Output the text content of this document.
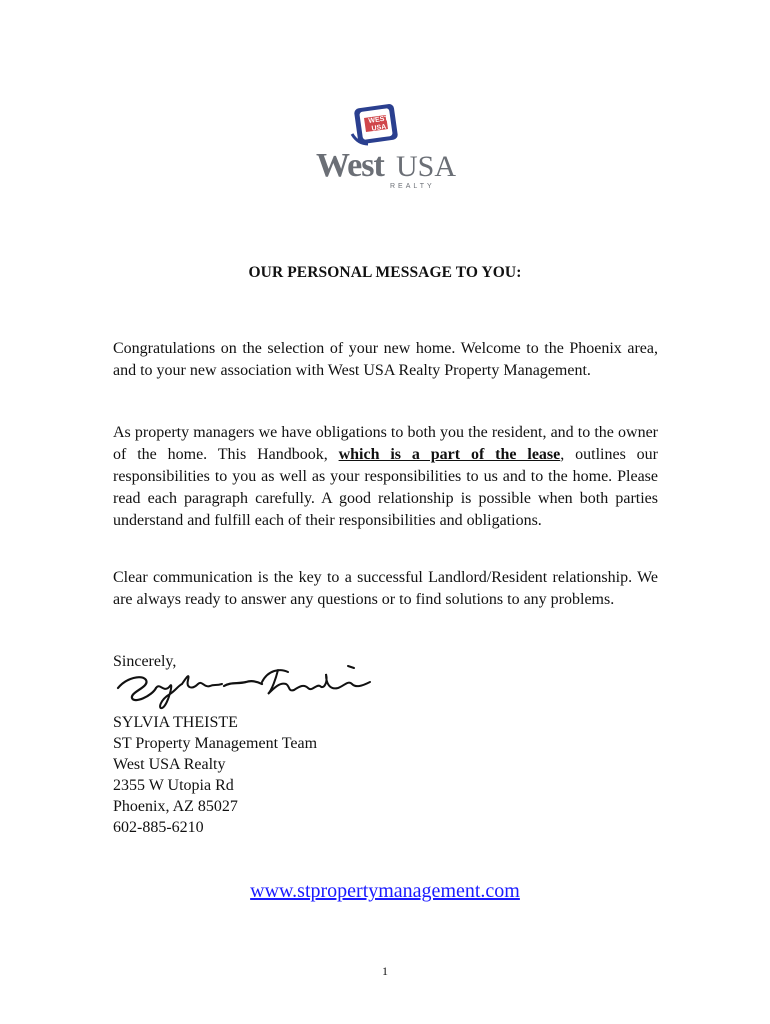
WEST
USA
West USA
REALTY
OUR PERSONAL MESSAGE TO YOU:
Congratulations on the selection of your new home. Welcome to the Phoenix area, and to your new association with West USA Realty Property Management.
As property managers we have obligations to both you the resident, and to the owner of the home. This Handbook, which is a part of the lease, outlines our responsibilities to you as well as your responsibilities to us and to the home. Please read each paragraph carefully. A good relationship is possible when both parties understand and fulfill each of their responsibilities and obligations.
Clear communication is the key to a successful Landlord/Resident relationship. We are always ready to answer any questions or to find solutions to any problems.
Sincerely,
SYLVIA THEISTE
ST Property Management Team
West USA Realty
2355 W Utopia Rd
Phoenix, AZ 85027
602-885-6210
www.stpropertymanagement.com
1
